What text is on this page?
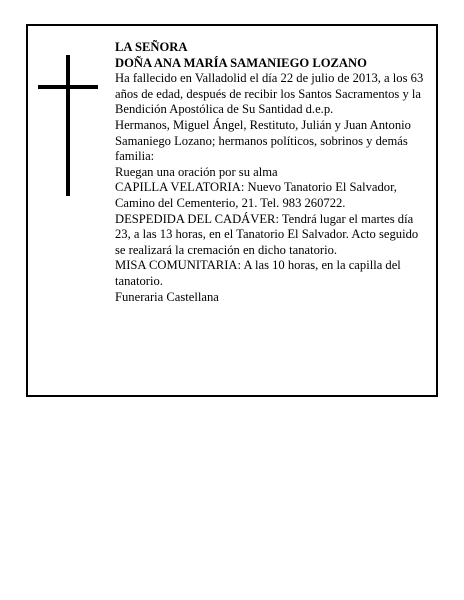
LA SEÑORA

DOÑA ANA MARÍA SAMANIEGO LOZANO

Ha fallecido en Valladolid el día 22 de julio de 2013, a los 63 años de edad, después de recibir los Santos Sacramentos y la Bendición Apostólica de Su Santidad d.e.p.

Hermanos, Miguel Ángel, Restituto, Julián y Juan Antonio Samaniego Lozano; hermanos políticos, sobrinos y demás familia:

Ruegan una oración por su alma

CAPILLA VELATORIA: Nuevo Tanatorio El Salvador, Camino del Cementerio, 21. Tel. 983 260722.

DESPEDIDA DEL CADÁVER: Tendrá lugar el martes día 23, a las 13 horas, en el Tanatorio El Salvador. Acto seguido se realizará la cremación en dicho tanatorio.

MISA COMUNITARIA: A las 10 horas, en la capilla del tanatorio.

Funeraria Castellana
